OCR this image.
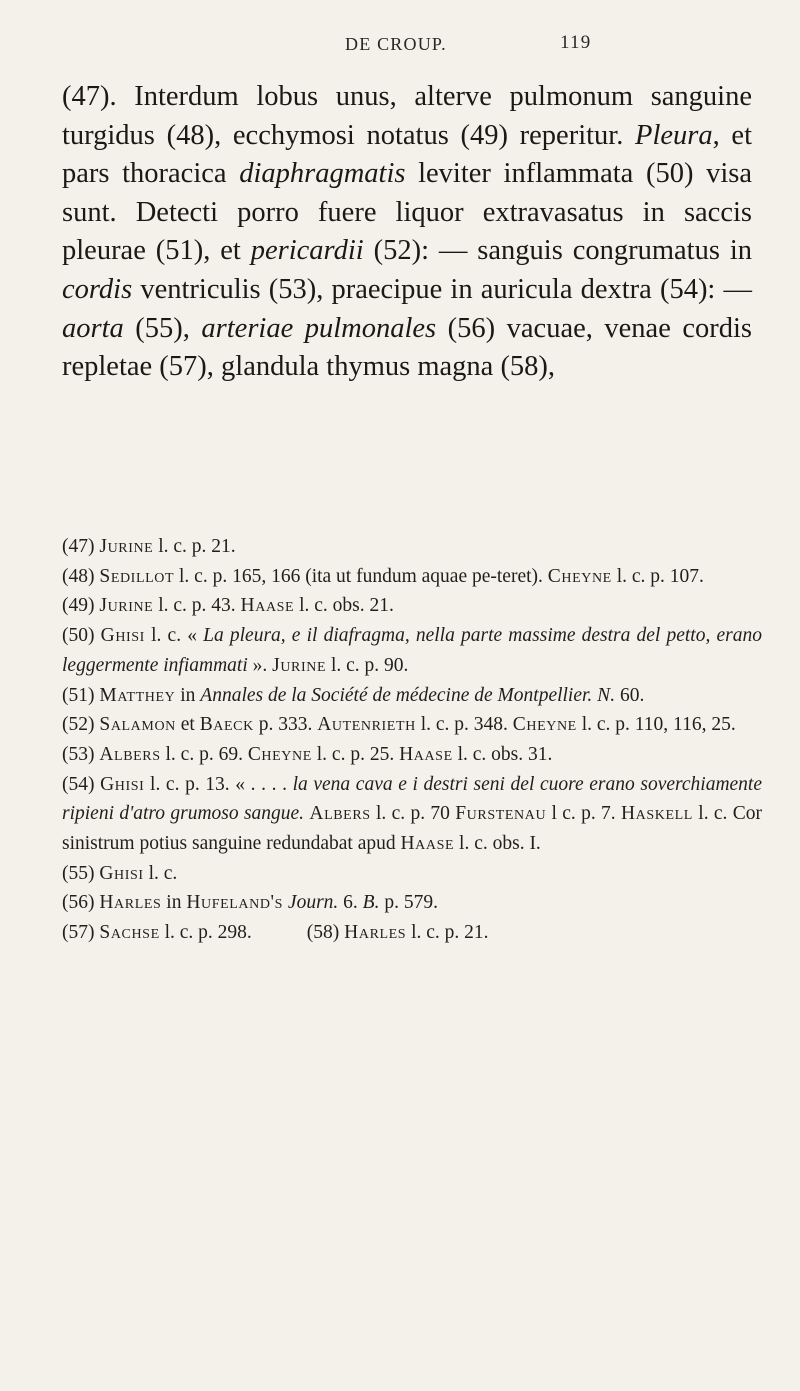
DE CROUP.	119

(47). Interdum lobus unus, alterve pulmonum sanguine turgidus (48), ecchymosi notatus (49) reperitur. Pleura, et pars thoracica diaphragmatis leviter inflammata (50) visa sunt. Detecti porro fuere liquor extravasatus in saccis pleurae (51), et pericardii (52): — sanguis congrumatus in cordis ventriculis (53), praecipue in auricula dextra (54): — aorta (55), arteriae pulmonales (56) vacuae, venae cordis repletae (57), glandula thymus magna (58),

(47) Jurine l. c. p. 21.

(48) Sedillot l. c. p. 165, 166 (ita ut fundum aquae pe-teret). Cheyne l. c. p. 107.

(49) Jurine l. c. p. 43. Haase l. c. obs. 21.

(50) Ghisi l. c. « La pleura, e il diafragma, nella parte massime destra del petto, erano leggermente infiammati ». Jurine l. c. p. 90.

(51) Matthey in Annales de la Société de médecine de Montpellier. N. 60.

(52) Salamon et Baeck p. 333. Autenrieth l. c. p. 348. Cheyne l. c. p. 110, 116, 25.

(53) Albers l. c. p. 69. Cheyne l. c. p. 25. Haase l. c. obs. 31.

(54) Ghisi l. c. p. 13. « . . . . la vena cava e i destri seni del cuore erano soverchiamente ripieni d'atro grumoso sangue. Albers l. c. p. 70 Furstenau l c. p. 7. Haskell l. c. Cor sinistrum potius sanguine redundabat apud Haase l. c. obs. I.

(55) Ghisi l. c.

(56) Harles in Hufeland's Journ. 6. B. p. 579.

(57) Sachse l. c. p. 298.	(58) Harles l. c. p. 21.
